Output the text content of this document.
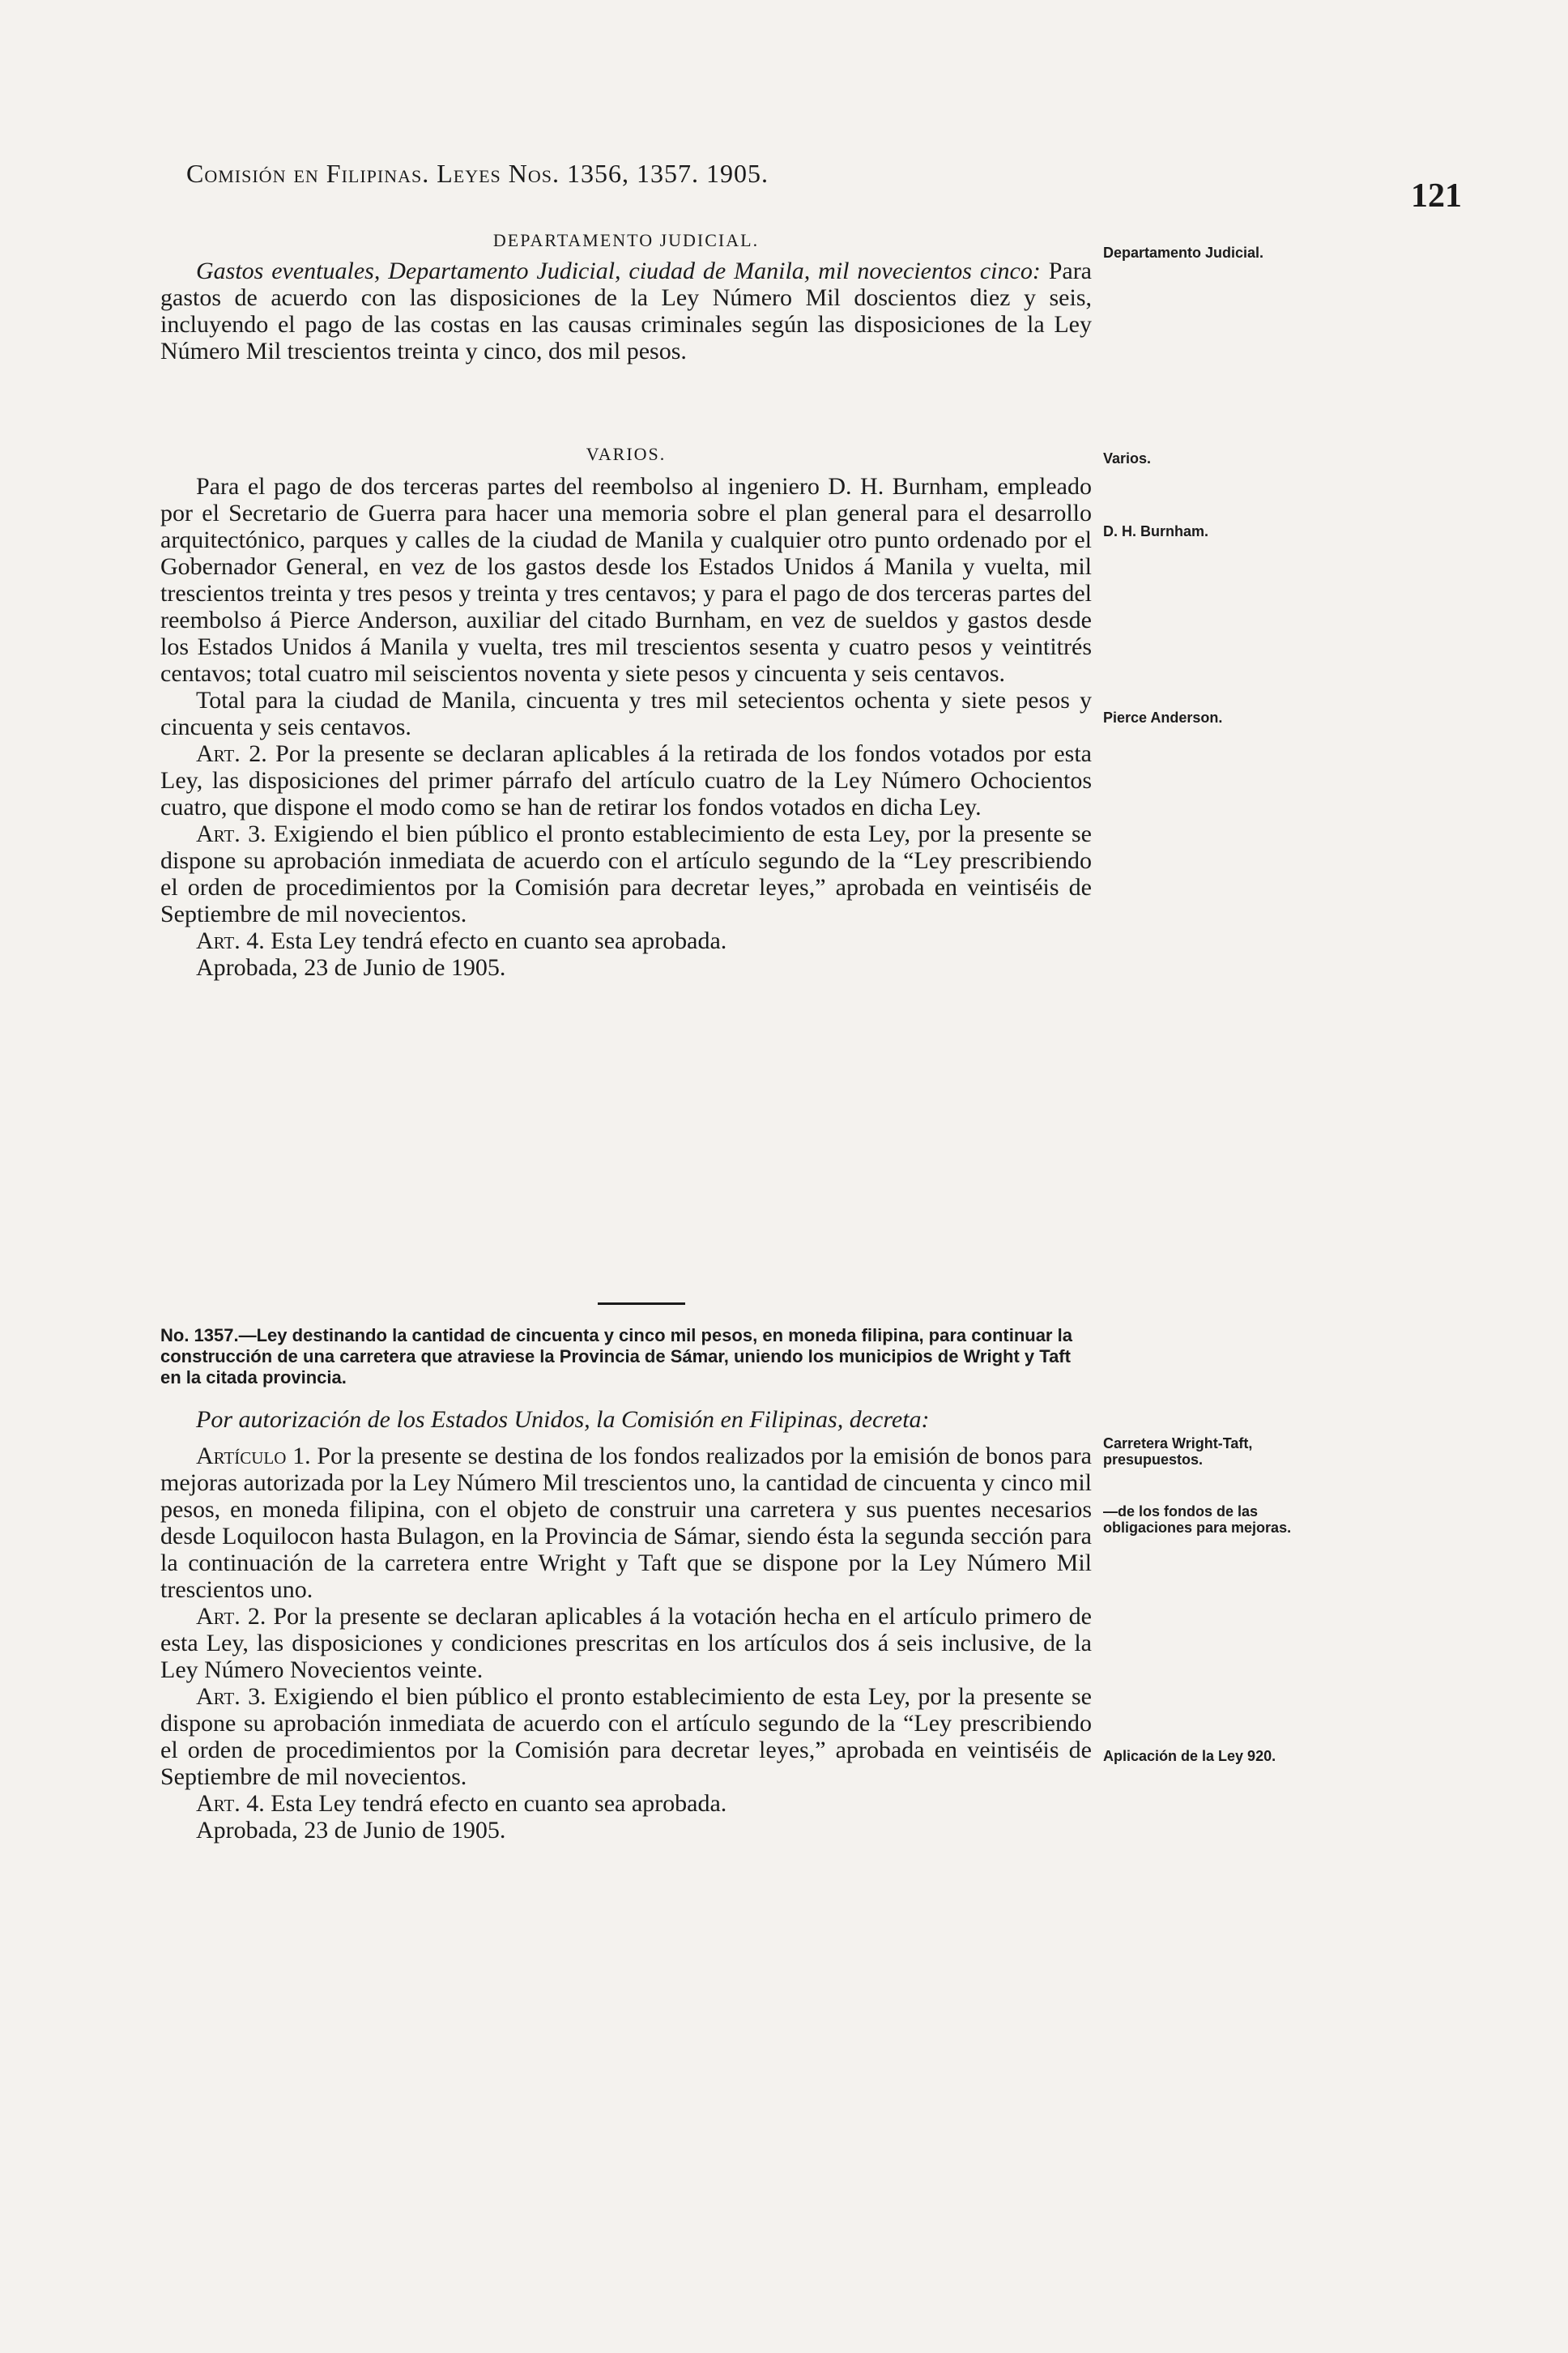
Comisión en Filipinas. Leyes Nos. 1356, 1357. 1905.
121
DEPARTAMENTO JUDICIAL.

Gastos eventuales, Departamento Judicial, ciudad de Manila, mil novecientos cinco: Para gastos de acuerdo con las disposiciones de la Ley Número Mil doscientos diez y seis, incluyendo el pago de las costas en las causas criminales según las disposiciones de la Ley Número Mil trescientos treinta y cinco, dos mil pesos.

VARIOS.

Para el pago de dos terceras partes del reembolso al ingeniero D. H. Burnham, empleado por el Secretario de Guerra para hacer una memoria sobre el plan general para el desarrollo arquitectónico, parques y calles de la ciudad de Manila y cualquier otro punto ordenado por el Gobernador General, en vez de los gastos desde los Estados Unidos á Manila y vuelta, mil trescientos treinta y tres pesos y treinta y tres centavos; y para el pago de dos terceras partes del reembolso á Pierce Anderson, auxiliar del citado Burnham, en vez de sueldos y gastos desde los Estados Unidos á Manila y vuelta, tres mil trescientos sesenta y cuatro pesos y veintitrés centavos; total cuatro mil seiscientos noventa y siete pesos y cincuenta y seis centavos.

Total para la ciudad de Manila, cincuenta y tres mil setecientos ochenta y siete pesos y cincuenta y seis centavos.

Art. 2. Por la presente se declaran aplicables á la retirada de los fondos votados por esta Ley, las disposiciones del primer párrafo del artículo cuatro de la Ley Número Ochocientos cuatro, que dispone el modo como se han de retirar los fondos votados en dicha Ley.

Art. 3. Exigiendo el bien público el pronto establecimiento de esta Ley, por la presente se dispone su aprobación inmediata de acuerdo con el artículo segundo de la “Ley prescribiendo el orden de procedimientos por la Comisión para decretar leyes,” aprobada en veintiséis de Septiembre de mil novecientos.

Art. 4. Esta Ley tendrá efecto en cuanto sea aprobada.

Aprobada, 23 de Junio de 1905.

No. 1357.—Ley destinando la cantidad de cincuenta y cinco mil pesos, en moneda filipina, para continuar la construcción de una carretera que atraviese la Provincia de Sámar, uniendo los municipios de Wright y Taft en la citada provincia.

Por autorización de los Estados Unidos, la Comisión en Filipinas, decreta:

Artículo 1. Por la presente se destina de los fondos realizados por la emisión de bonos para mejoras autorizada por la Ley Número Mil trescientos uno, la cantidad de cincuenta y cinco mil pesos, en moneda filipina, con el objeto de construir una carretera y sus puentes necesarios desde Loquilocon hasta Bulagon, en la Provincia de Sámar, siendo ésta la segunda sección para la continuación de la carretera entre Wright y Taft que se dispone por la Ley Número Mil trescientos uno.

Art. 2. Por la presente se declaran aplicables á la votación hecha en el artículo primero de esta Ley, las disposiciones y condiciones prescritas en los artículos dos á seis inclusive, de la Ley Número Novecientos veinte.

Art. 3. Exigiendo el bien público el pronto establecimiento de esta Ley, por la presente se dispone su aprobación inmediata de acuerdo con el artículo segundo de la “Ley prescribiendo el orden de procedimientos por la Comisión para decretar leyes,” aprobada en veintiséis de Septiembre de mil novecientos.

Art. 4. Esta Ley tendrá efecto en cuanto sea aprobada.

Aprobada, 23 de Junio de 1905.

Departamento Judicial.
Varios.
D. H. Burnham.
Pierce Anderson.
Carretera Wright-Taft, presupuestos.
—de los fondos de las obligaciones para mejoras.
Aplicación de la Ley 920.
